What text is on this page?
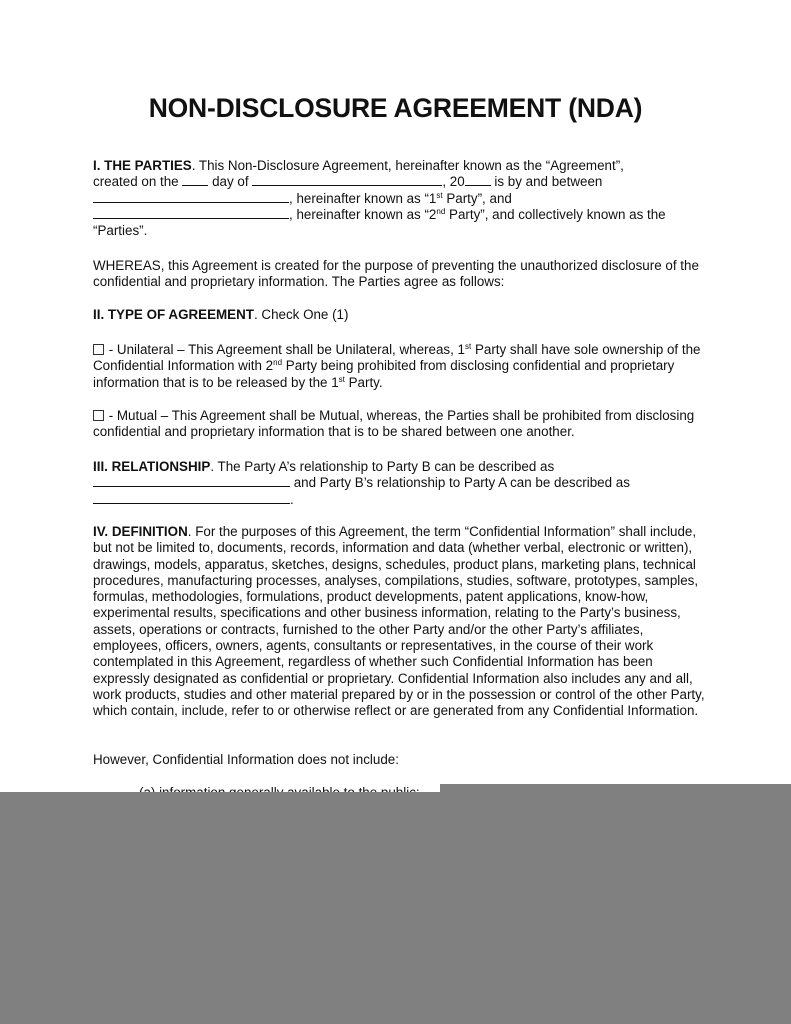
NON-DISCLOSURE AGREEMENT (NDA)
I. THE PARTIES. This Non-Disclosure Agreement, hereinafter known as the “Agreement”,
created on the day of	, 20 is by and between
, hereinafter known as “1st Party”, and
, hereinafter known as “2nd Party”, and collectively known as the
“Parties”.
WHEREAS, this Agreement is created for the purpose of preventing the unauthorized disclosure of the confidential and proprietary information. The Parties agree as follows:
II. TYPE OF AGREEMENT. Check One (1)
- Unilateral – This Agreement shall be Unilateral, whereas, 1st Party shall have sole ownership of the Confidential Information with 2nd Party being prohibited from disclosing confidential and proprietary information that is to be released by the 1st Party.
- Mutual – This Agreement shall be Mutual, whereas, the Parties shall be prohibited from disclosing confidential and proprietary information that is to be shared between one another.
III. RELATIONSHIP. The Party A’s relationship to Party B can be described as
and Party B’s relationship to Party A can be described as
.
IV. DEFINITION. For the purposes of this Agreement, the term “Confidential Information” shall include, but not be limited to, documents, records, information and data (whether verbal, electronic or written), drawings, models, apparatus, sketches, designs, schedules, product plans, marketing plans, technical procedures, manufacturing processes, analyses, compilations, studies, software, prototypes, samples, formulas, methodologies, formulations, product developments, patent applications, know-how, experimental results, specifications and other business information, relating to the Party’s business, assets, operations or contracts, furnished to the other Party and/or the other Party’s affiliates, employees, officers, owners, agents, consultants or representatives, in the course of their work contemplated in this Agreement, regardless of whether such Confidential Information has been expressly designated as confidential or proprietary. Confidential Information also includes any and all, work products, studies and other material prepared by or in the possession or control of the other Party, which contain, include, refer to or otherwise reflect or are generated from any Confidential Information.
However, Confidential Information does not include:
